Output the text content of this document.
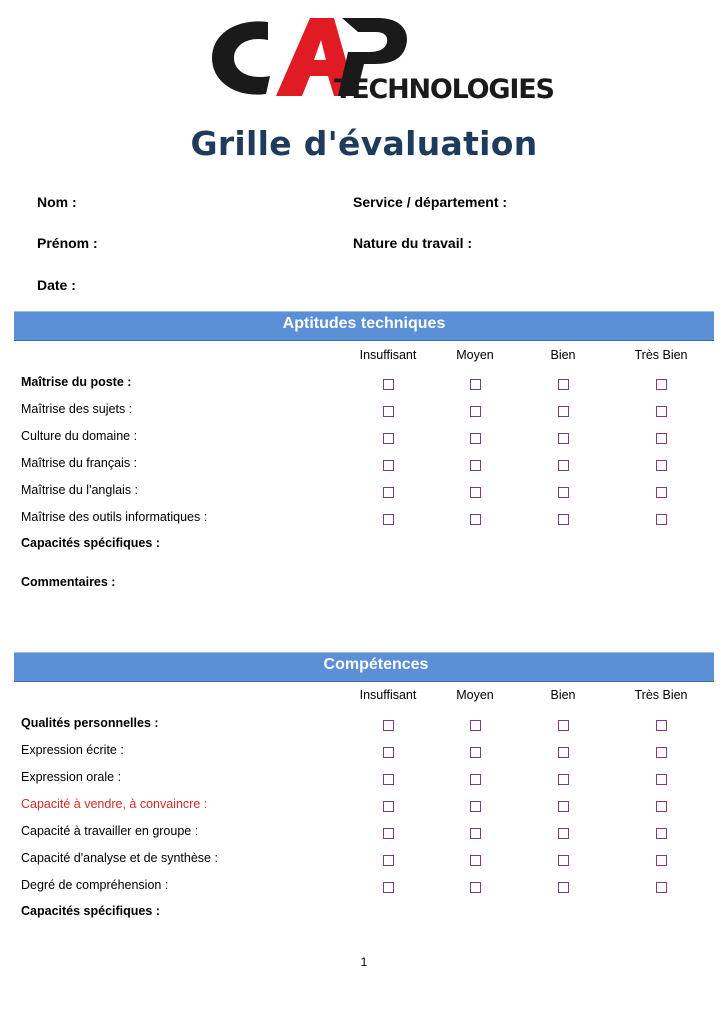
TECHNOLOGIES
Grille d'évaluation
Nom :	Service / département :
Prénom :	Nature du travail :
Date :
Aptitudes techniques
Insuffisant	Moyen	Bien	Très Bien
Maîtrise du poste :
Maîtrise des sujets :
Culture du domaine :
Maîtrise du français :
Maîtrise du l'anglais :
Maîtrise des outils informatiques :
Capacités spécifiques :
Commentaires :
Compétences
Insuffisant	Moyen	Bien	Très Bien
Qualités personnelles :
Expression écrite :
Expression orale :
Capacité à vendre, à convaincre :
Capacité à travailler en groupe :
Capacité d'analyse et de synthèse :
Degré de compréhension :
Capacités spécifiques :
1
